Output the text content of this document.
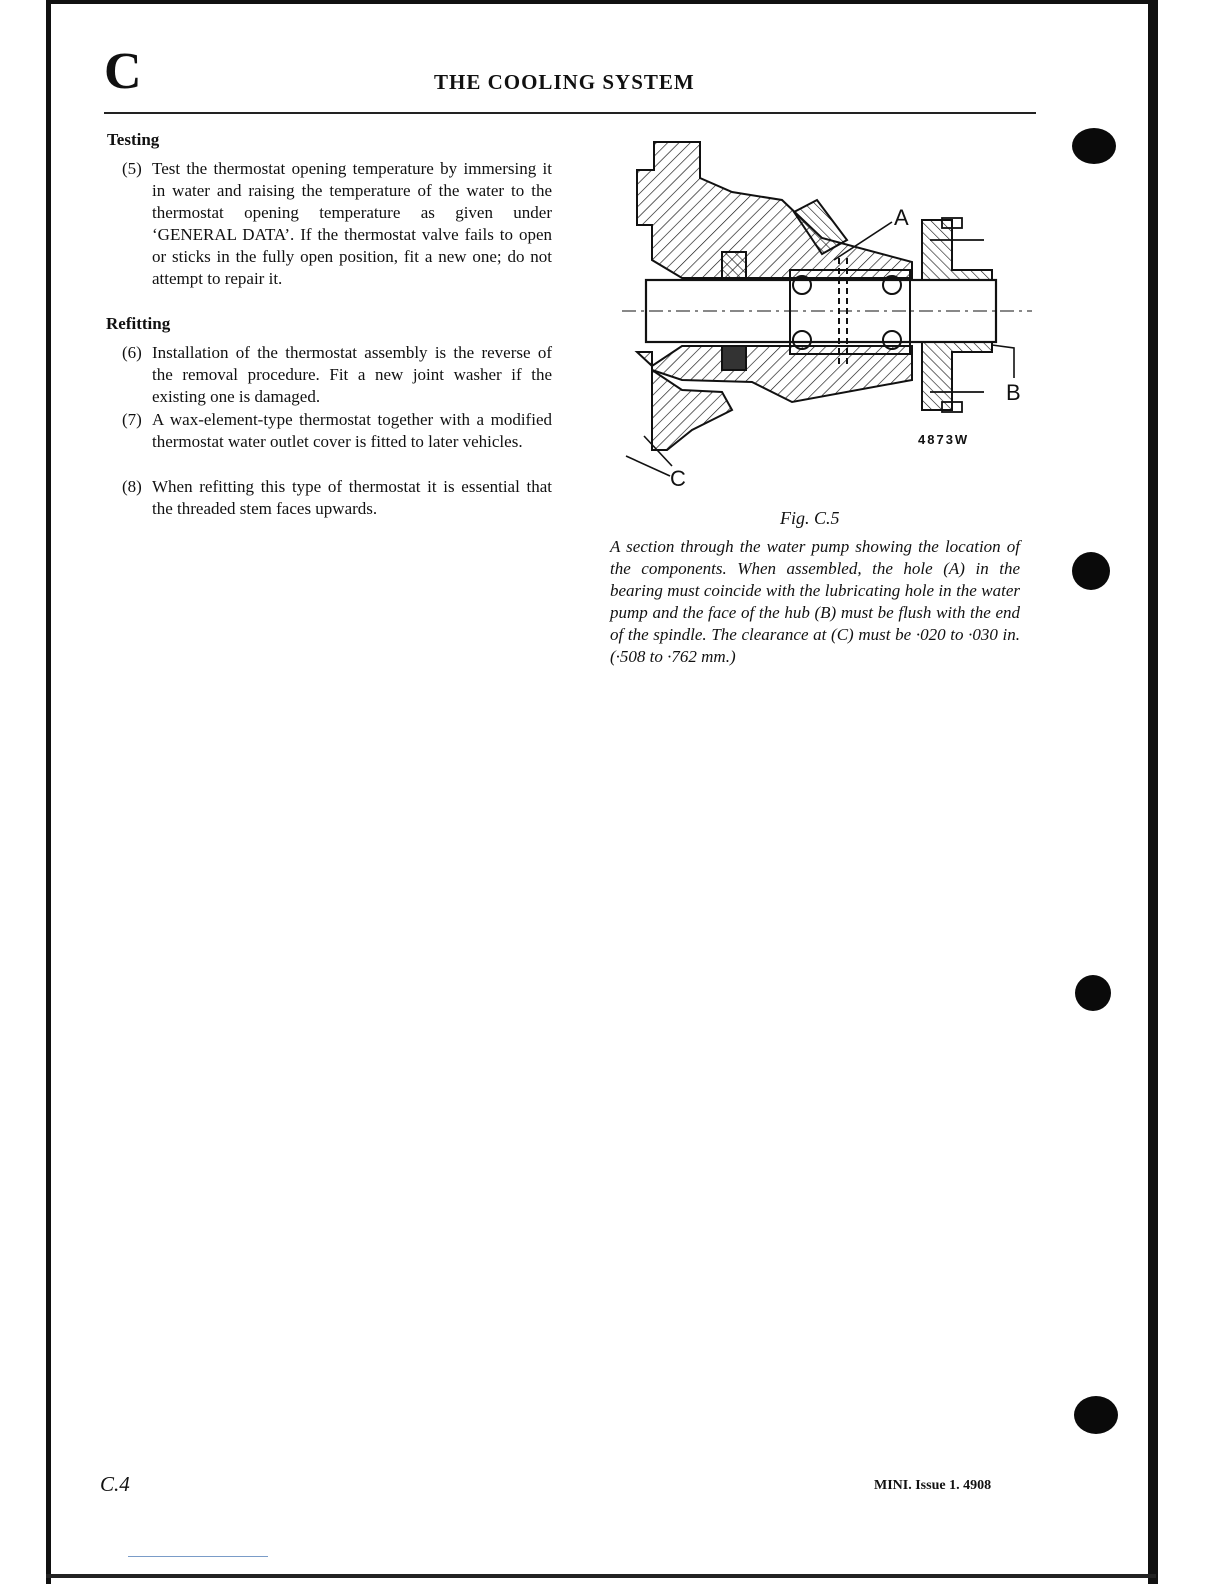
C	THE COOLING SYSTEM
Testing
(5) Test the thermostat opening temperature by immersing it in water and raising the temperature of the water to the thermostat opening temperature as given under ‘GENERAL DATA’. If the thermostat valve fails to open or sticks in the fully open position, fit a new one; do not attempt to repair it.
Refitting
(6) Installation of the thermostat assembly is the reverse of the removal procedure. Fit a new joint washer if the existing one is damaged.
(7) A wax-element-type thermostat together with a modified thermostat water outlet cover is fitted to later vehicles.
(8) When refitting this type of thermostat it is essential that the threaded stem faces upwards.
A
B
C
4873W
Fig. C.5
A section through the water pump showing the location of the components. When assembled, the hole (A) in the bearing must coincide with the lubricating hole in the water pump and the face of the hub (B) must be flush with the end of the spindle. The clearance at (C) must be ·020 to ·030 in. (·508 to ·762 mm.)
C.4	MINI. Issue 1. 4908
